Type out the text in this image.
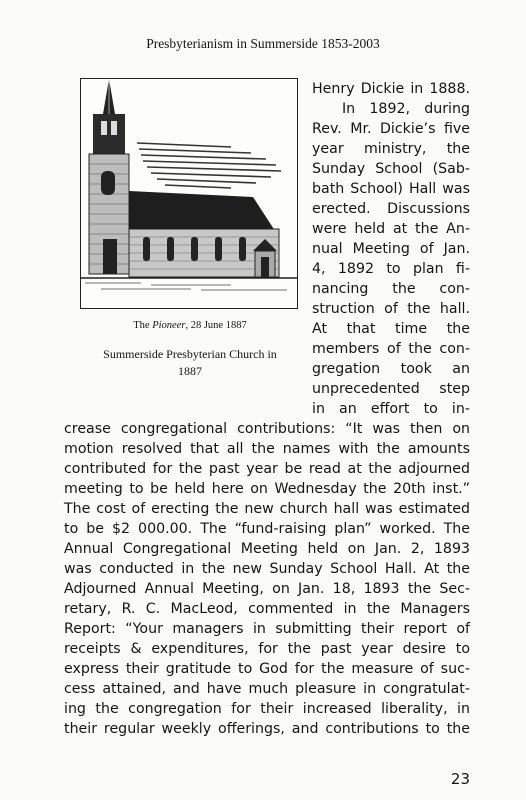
Presbyterianism in Summerside 1853-2003
The Pioneer, 28 June 1887
Summerside Presbyterian Church in
1887
Henry Dickie in 1888.
In 1892, during
Rev. Mr. Dickie’s five
year ministry, the
Sunday School (Sab-
bath School) Hall was
erected. Discussions
were held at the An-
nual Meeting of Jan.
4, 1892 to plan fi-
nancing the con-
struction of the hall.
At that time the
members of the con-
gregation took an
unprecedented step
in an effort to in-
crease congregational contributions: “It was then on
motion resolved that all the names with the amounts
contributed for the past year be read at the adjourned
meeting to be held here on Wednesday the 20th inst.”
The cost of erecting the new church hall was estimated
to be $2 000.00. The “fund-raising plan” worked. The
Annual Congregational Meeting held on Jan. 2, 1893
was conducted in the new Sunday School Hall. At the
Adjourned Annual Meeting, on Jan. 18, 1893 the Sec-
retary, R. C. MacLeod, commented in the Managers
Report: “Your managers in submitting their report of
receipts & expenditures, for the past year desire to
express their gratitude to God for the measure of suc-
cess attained, and have much pleasure in congratulat-
ing the congregation for their increased liberality, in
their regular weekly offerings, and contributions to the
23
